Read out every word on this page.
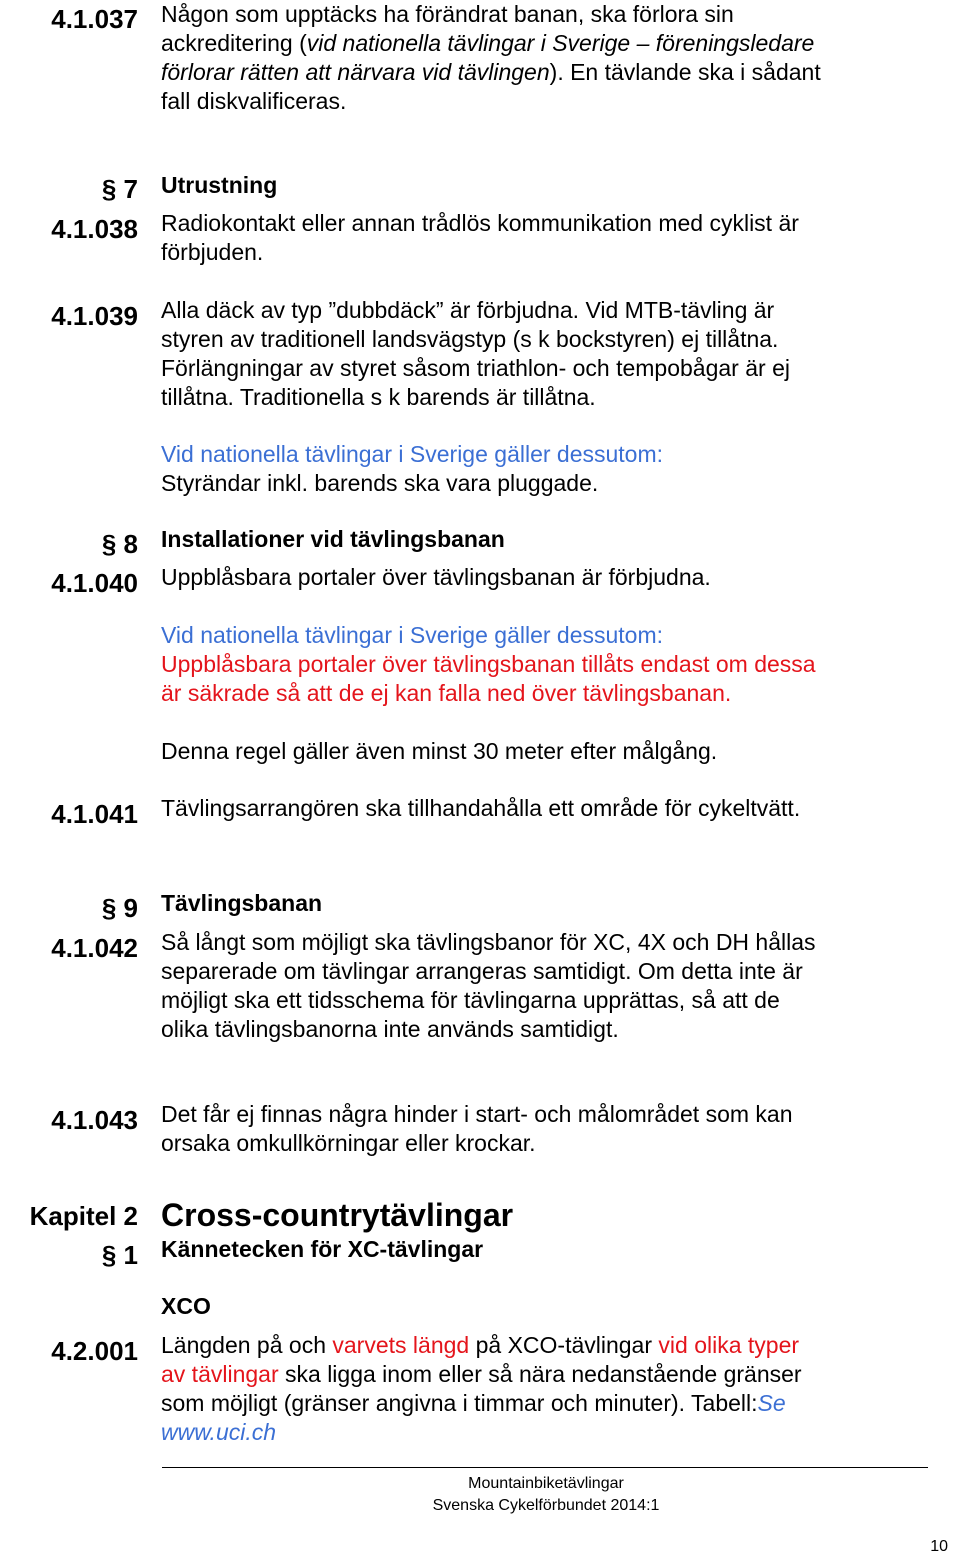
4.1.037 Någon som upptäcks ha förändrat banan, ska förlora sin ackreditering (vid nationella tävlingar i Sverige – föreningsledare förlorar rätten att närvara vid tävlingen). En tävlande ska i sådant fall diskvalificeras.

§ 7 Utrustning
4.1.038 Radiokontakt eller annan trådlös kommunikation med cyklist är förbjuden.

4.1.039 Alla däck av typ ”dubbdäck” är förbjudna. Vid MTB-tävling är styren av traditionell landsvägstyp (s k bockstyren) ej tillåtna. Förlängningar av styret såsom triathlon- och tempobågar är ej tillåtna. Traditionella s k barends är tillåtna.

Vid nationella tävlingar i Sverige gäller dessutom:
Styrändar inkl. barends ska vara pluggade.
§ 8 Installationer vid tävlingsbanan
4.1.040 Uppblåsbara portaler över tävlingsbanan är förbjudna.
Vid nationella tävlingar i Sverige gäller dessutom:

Uppblåsbara portaler över tävlingsbanan tillåts endast om dessa är säkrade så att de ej kan falla ned över tävlingsbanan.

Denna regel gäller även minst 30 meter efter målgång.
4.1.041 Tävlingsarrangören ska tillhandahålla ett område för cykeltvätt.

§ 9 Tävlingsbanan
4.1.042 Så långt som möjligt ska tävlingsbanor för XC, 4X och DH hållas separerade om tävlingar arrangeras samtidigt. Om detta inte är möjligt ska ett tidsschema för tävlingarna upprättas, så att de olika tävlingsbanorna inte används samtidigt.

4.1.043 Det får ej finnas några hinder i start- och målområdet som kan orsaka omkullkörningar eller krockar.

Kapitel 2 Cross-countrytävlingar
§ 1 Kännetecken för XC-tävlingar
XCO
4.2.001 Längden på och varvets längd på XCO-tävlingar vid olika typer av tävlingar ska ligga inom eller så nära nedanstående gränser som möjligt (gränser angivna i timmar och minuter). Tabell:Se www.uci.ch

Mountainbiketävlingar
Svenska Cykelförbundet 2014:1
10
